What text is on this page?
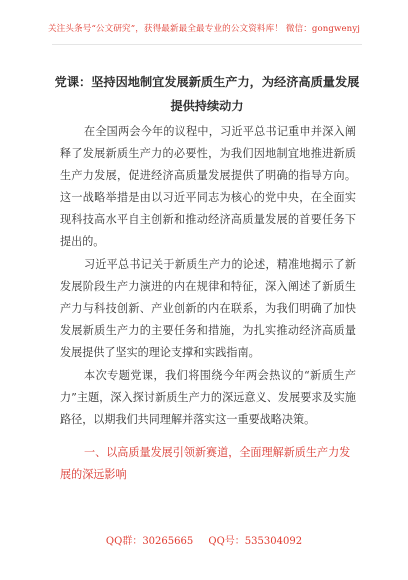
关注头条号“公文研究”，获得最新最全最专业的公文资料库！ 微信：gongwenyj
党课：坚持因地制宜发展新质生产力，为经济高质量发展提供持续动力

在全国两会今年的议程中，习近平总书记重申并深入阐释了发展新质生产力的必要性，为我们因地制宜地推进新质生产力发展，促进经济高质量发展提供了明确的指导方向。这一战略举措是由以习近平同志为核心的党中央，在全面实现科技高水平自主创新和推动经济高质量发展的首要任务下提出的。

习近平总书记关于新质生产力的论述，精准地揭示了新发展阶段生产力演进的内在规律和特征，深入阐述了新质生产力与科技创新、产业创新的内在联系，为我们明确了加快发展新质生产力的主要任务和措施，为扎实推动经济高质量发展提供了坚实的理论支撑和实践指南。

本次专题党课，我们将围绕今年两会热议的“新质生产力”主题，深入探讨新质生产力的深远意义、发展要求及实施路径，以期我们共同理解并落实这一重要战略决策。

一、以高质量发展引领新赛道，全面理解新质生产力发展的深远影响

QQ群：30265665 QQ号：535304092
